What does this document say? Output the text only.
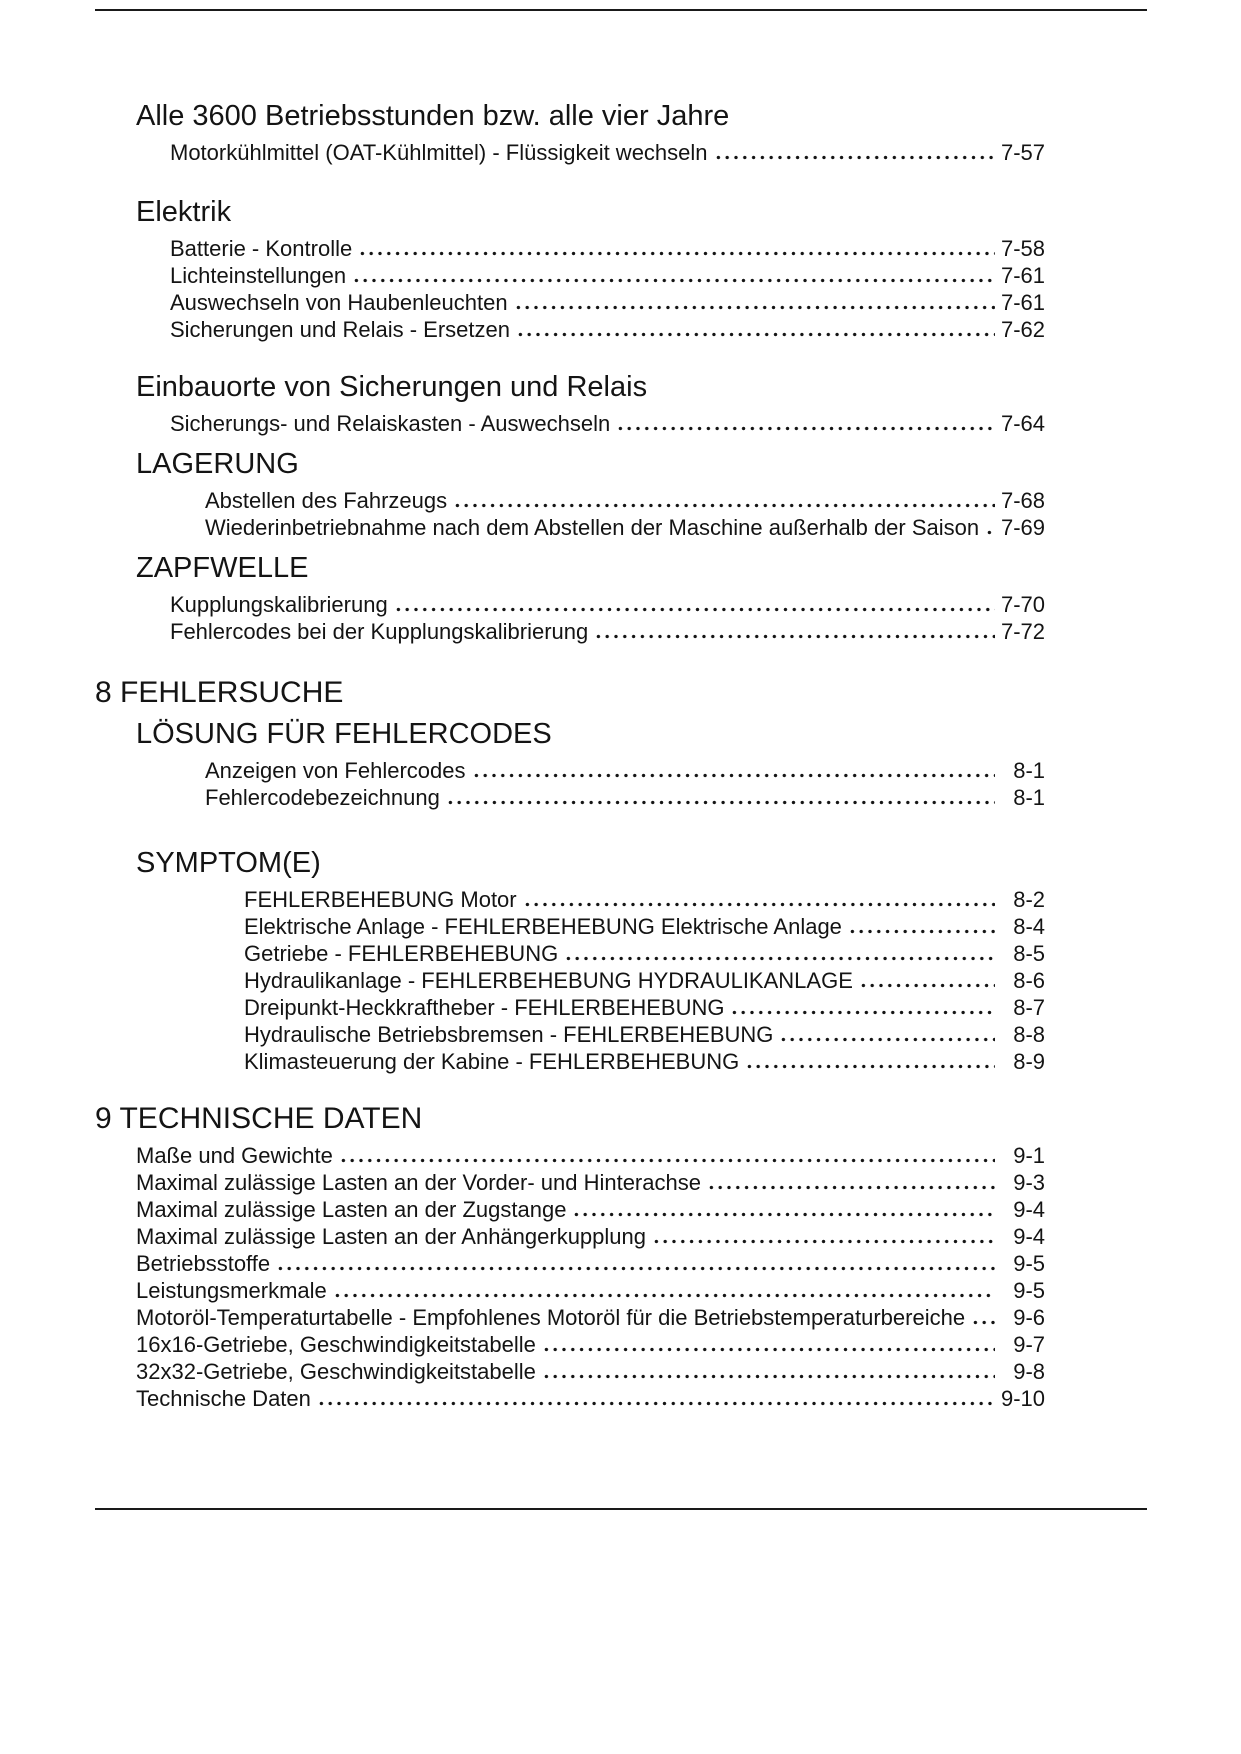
Alle 3600 Betriebsstunden bzw. alle vier Jahre
Motorkühlmittel (OAT-Kühlmittel) - Flüssigkeit wechseln	7-57
Elektrik
Batterie - Kontrolle	7-58
Lichteinstellungen	7-61
Auswechseln von Haubenleuchten	7-61
Sicherungen und Relais - Ersetzen	7-62
Einbauorte von Sicherungen und Relais
Sicherungs- und Relaiskasten - Auswechseln	7-64
LAGERUNG
Abstellen des Fahrzeugs	7-68
Wiederinbetriebnahme nach dem Abstellen der Maschine außerhalb der Saison 7-69
ZAPFWELLE
Kupplungskalibrierung	7-70
Fehlercodes bei der Kupplungskalibrierung	7-72
8 FEHLERSUCHE
LÖSUNG FÜR FEHLERCODES
Anzeigen von Fehlercodes	8-1
Fehlercodebezeichnung	8-1
SYMPTOM(E)
FEHLERBEHEBUNG Motor	8-2
Elektrische Anlage - FEHLERBEHEBUNG Elektrische Anlage	8-4
Getriebe - FEHLERBEHEBUNG	8-5
Hydraulikanlage - FEHLERBEHEBUNG HYDRAULIKANLAGE	8-6
Dreipunkt-Heckkraftheber - FEHLERBEHEBUNG	8-7
Hydraulische Betriebsbremsen - FEHLERBEHEBUNG	8-8
Klimasteuerung der Kabine - FEHLERBEHEBUNG	8-9
9 TECHNISCHE DATEN
Maße und Gewichte	9-1
Maximal zulässige Lasten an der Vorder- und Hinterachse	9-3
Maximal zulässige Lasten an der Zugstange	9-4
Maximal zulässige Lasten an der Anhängerkupplung	9-4
Betriebsstoffe	9-5
Leistungsmerkmale	9-5
Motoröl-Temperaturtabelle - Empfohlenes Motoröl für die Betriebstemperaturbereiche	9-6
16x16-Getriebe, Geschwindigkeitstabelle	9-7
32x32-Getriebe, Geschwindigkeitstabelle	9-8
Technische Daten	9-10
